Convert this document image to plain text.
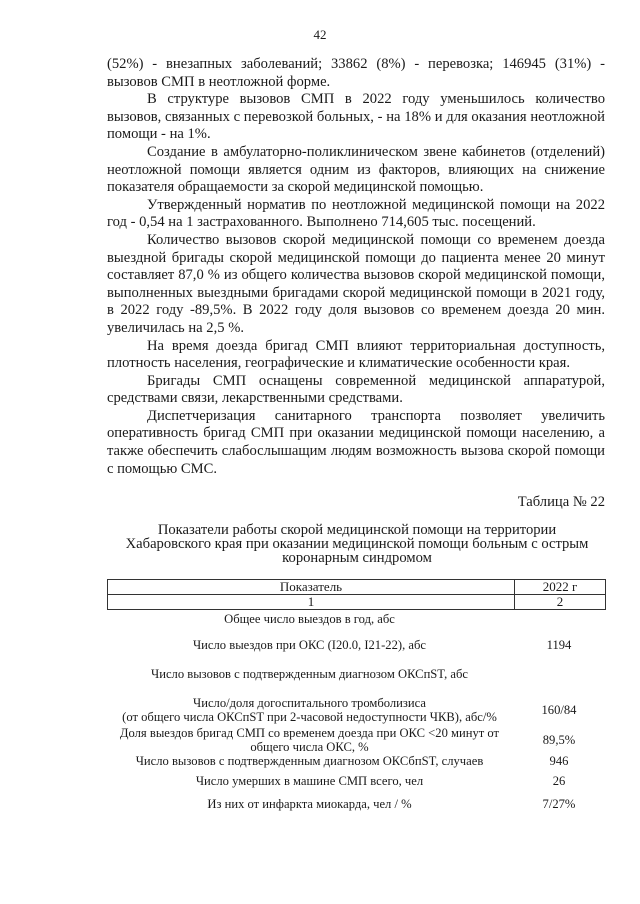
42

(52%) - внезапных заболеваний; 33862 (8%) - перевозка; 146945 (31%) - вызовов СМП в неотложной форме.

В структуре вызовов СМП в 2022 году уменьшилось количество вызовов, связанных с перевозкой больных, - на 18% и для оказания неотложной помощи - на 1%.

Создание в амбулаторно-поликлиническом звене кабинетов (отделений) неотложной помощи является одним из факторов, влияющих на снижение показателя обращаемости за скорой медицинской помощью.

Утвержденный норматив по неотложной медицинской помощи на 2022 год - 0,54 на 1 застрахованного. Выполнено 714,605 тыс. посещений.

Количество вызовов скорой медицинской помощи со временем доезда выездной бригады скорой медицинской помощи до пациента менее 20 минут составляет 87,0 % из общего количества вызовов скорой медицинской помощи, выполненных выездными бригадами скорой медицинской помощи в 2021 году, в 2022 году -89,5%. В 2022 году доля вызовов со временем доезда 20 мин. увеличилась на 2,5 %.

На время доезда бригад СМП влияют территориальная доступность, плотность населения, географические и климатические особенности края.

Бригады СМП оснащены современной медицинской аппаратурой, средствами связи, лекарственными средствами.

Диспетчеризация санитарного транспорта позволяет увеличить оперативность бригад СМП при оказании медицинской помощи населению, а также обеспечить слабослышащим людям возможность вызова скорой помощи с помощью СМС.

Таблица № 22
Показатели работы скорой медицинской помощи на территории
Хабаровского края при оказании медицинской помощи больным с острым
коронарным синдромом
Показатель	2022 г
1	2
Общее число выездов в год, абс
Число выездов при ОКС (I20.0, I21-22), абс	1194
Число вызовов с подтвержденным диагнозом ОКСпST, абс
Число/доля догоспитального тромболизиса
(от общего числа ОКСпST при 2-часовой недоступности ЧКВ), абс/%	160/84
Доля выездов бригад СМП со временем доезда при ОКС <20 минут от
общего числа ОКС, %	89,5%
Число вызовов с подтвержденным диагнозом ОКСбпST, случаев	946
Число умерших в машине СМП всего, чел	26
Из них от инфаркта миокарда, чел / %	7/27%
